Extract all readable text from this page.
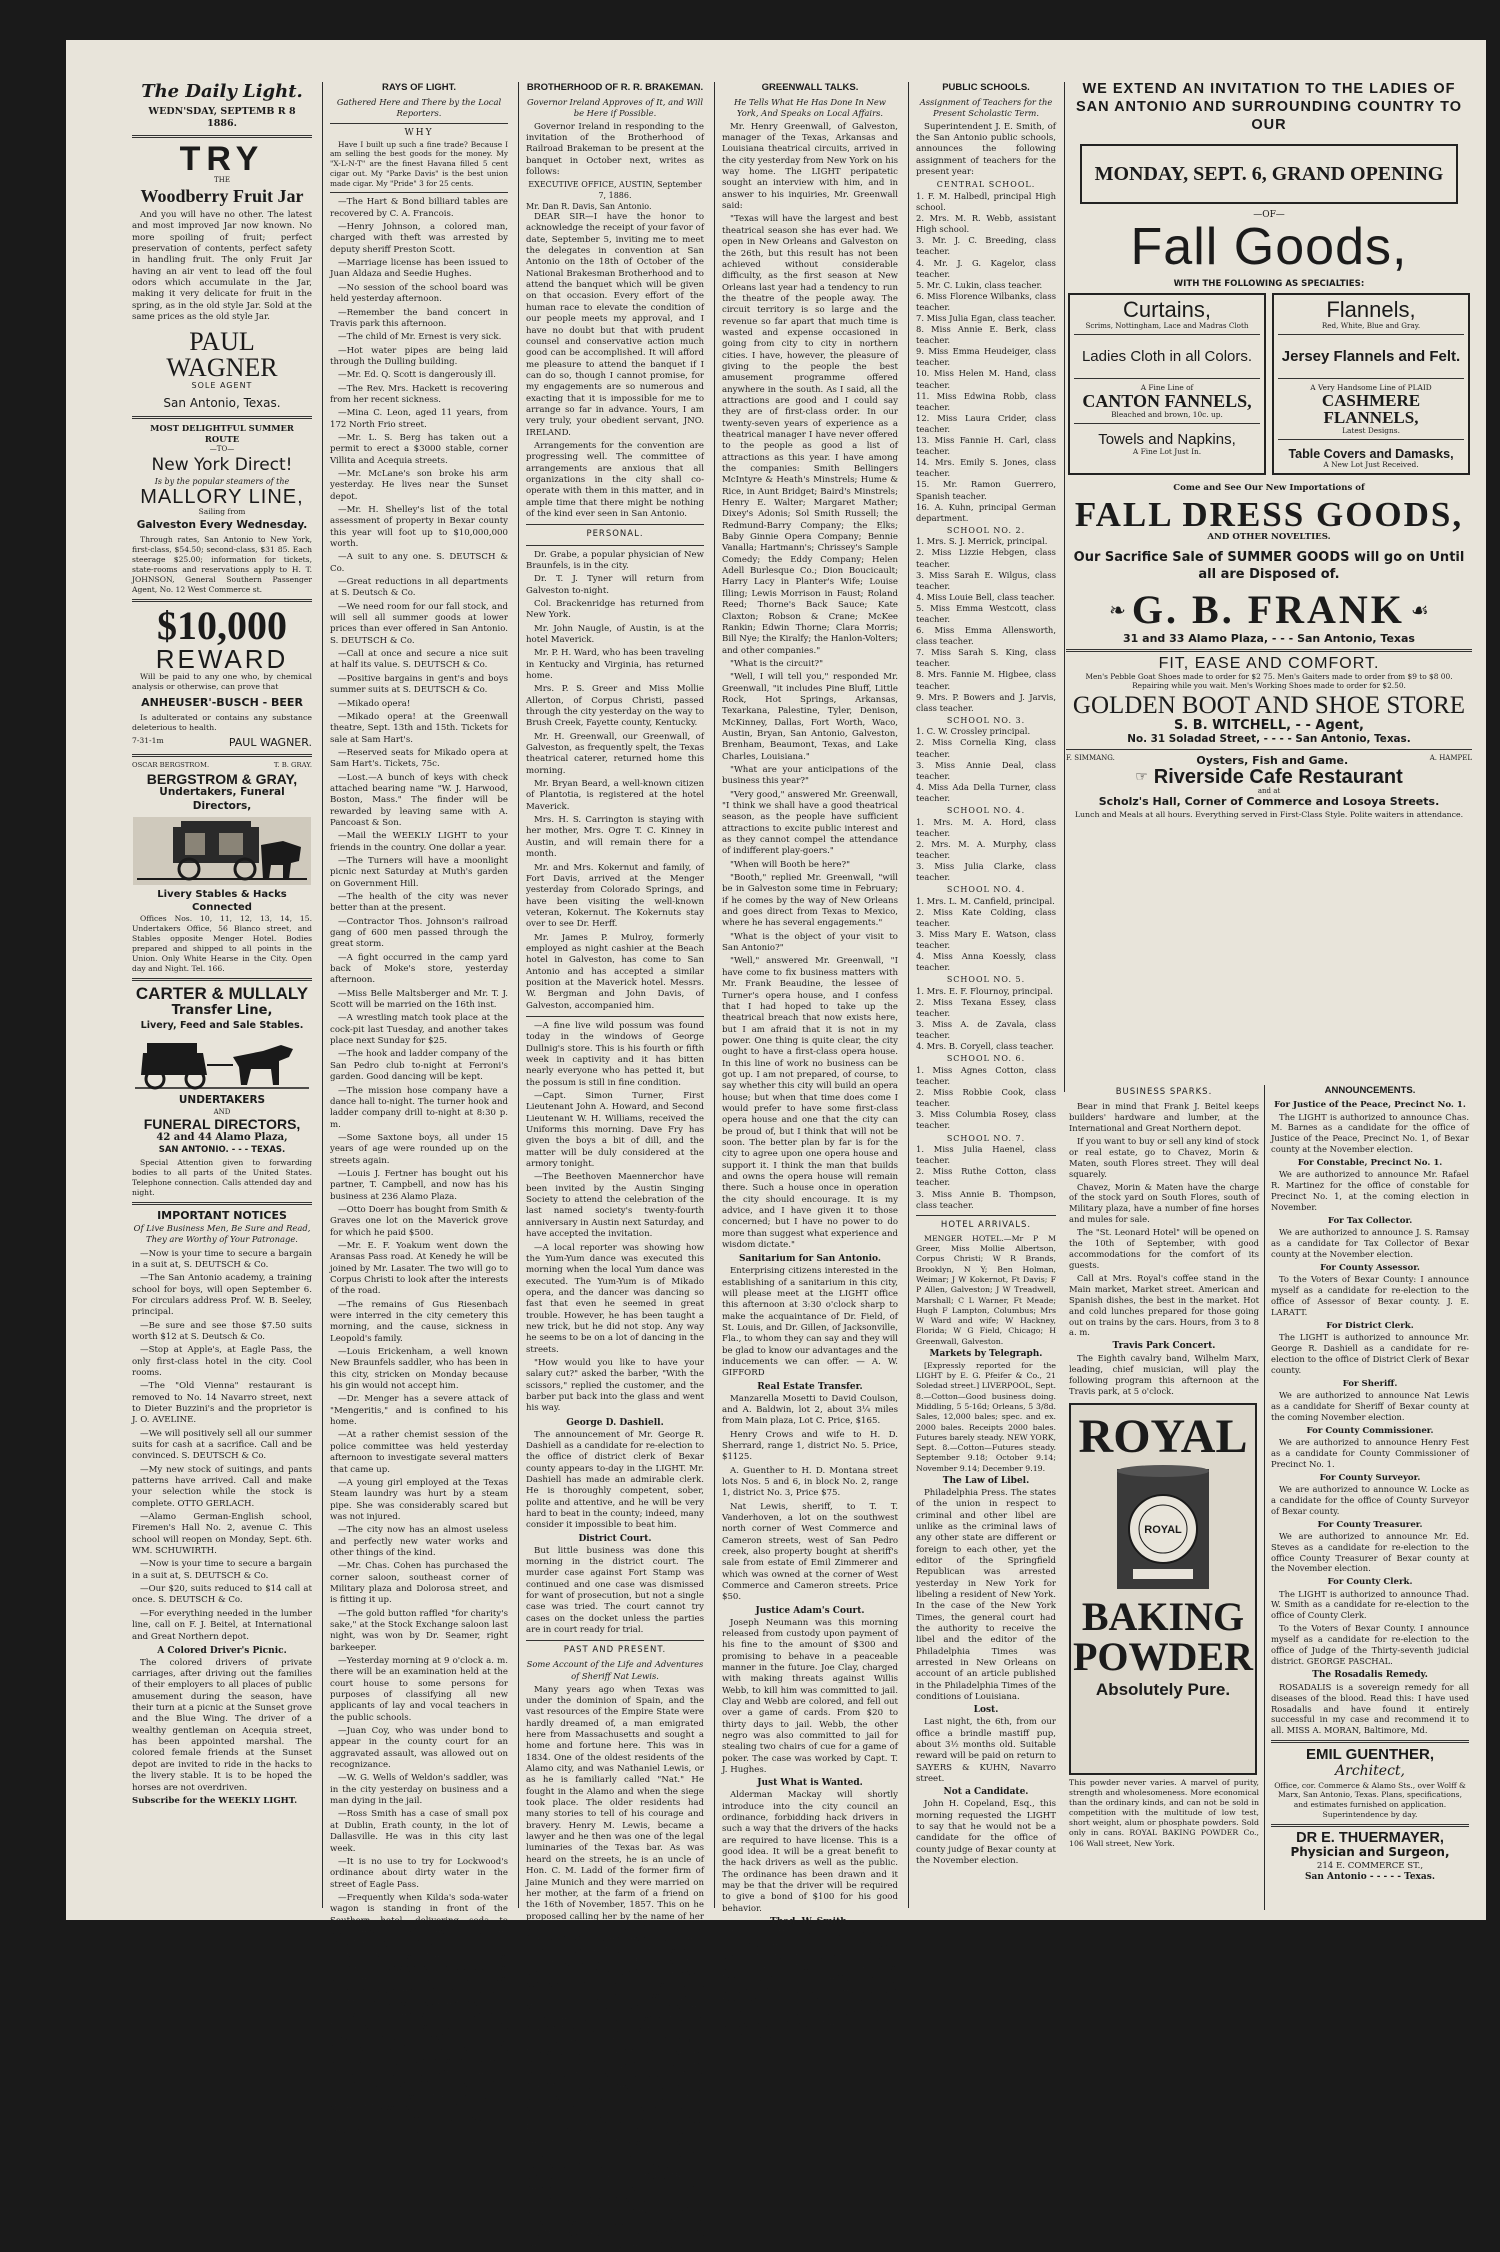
The Daily Light.
WEDN'SDAY, SEPTEMB R 8 1886.
TRY
THE
Woodberry Fruit Jar

And you will have no other. The latest and most improved Jar now known. No more spoiling of fruit; perfect preservation of contents, perfect safety in handling fruit. The only Fruit Jar having an air vent to lead off the foul odors which accumulate in the Jar, making it very delicate for fruit in the spring, as in the old style Jar. Sold at the same prices as the old style Jar.

PAUL WAGNER
SOLE AGENT
San Antonio, Texas.
MOST DELIGHTFUL SUMMER ROUTE
—TO—
New York Direct!
Is by the popular steamers of the
MALLORY LINE,
Sailing from
Galveston Every Wednesday.

Through rates, San Antonio to New York, first-class, $54.50; second-class, $31 85. Each steerage $25.00; information for tickets, state-rooms and reservations apply to H. T. JOHNSON, General Southern Passenger Agent, No. 12 West Commerce st.

$10,000
REWARD

Will be paid to any one who, by chemical analysis or otherwise, can prove that

ANHEUSER'-BUSCH - BEER

Is adulterated or contains any substance deleterious to health.

7-31-1m	PAUL WAGNER.
OSCAR BERGSTROM.	T. B. GRAY.
BERGSTROM & GRAY,
Undertakers, Funeral Directors,
Livery Stables & Hacks Connected

Offices Nos. 10, 11, 12, 13, 14, 15. Undertakers Office, 56 Blanco street, and Stables opposite Menger Hotel. Bodies prepared and shipped to all points in the Union. Only White Hearse in the City. Open day and Night. Tel. 166.

CARTER & MULLALY
Transfer Line,
Livery, Feed and Sale Stables.
UNDERTAKERS
AND
FUNERAL DIRECTORS,
42 and 44 Alamo Plaza,
SAN ANTONIO. - - - TEXAS.

Special Attention given to forwarding bodies to all parts of the United States. Telephone connection. Calls attended day and night.

IMPORTANT NOTICES
Of Live Business Men, Be Sure and Read, They are Worthy of Your Patronage.

—Now is your time to secure a bargain in a suit at, S. DEUTSCH & Co.

—The San Antonio academy, a training school for boys, will open September 6. For circulars address Prof. W. B. Seeley, principal.

—Be sure and see those $7.50 suits worth $12 at S. Deutsch & Co.

—Stop at Apple's, at Eagle Pass, the only first-class hotel in the city. Cool rooms.

—The "Old Vienna" restaurant is removed to No. 14 Navarro street, next to Dieter Buzzini's and the proprietor is J. O. AVELINE.

—We will positively sell all our summer suits for cash at a sacrifice. Call and be convinced. S. DEUTSCH & Co.

—My new stock of suitings, and pants patterns have arrived. Call and make your selection while the stock is complete. OTTO GERLACH.

—Alamo German-English school, Firemen's Hall No. 2, avenue C. This school will reopen on Monday, Sept. 6th. WM. SCHUWIRTH.

—Now is your time to secure a bargain in a suit at, S. DEUTSCH & Co.

—Our $20, suits reduced to $14 call at once. S. DEUTSCH & Co.

—For everything needed in the lumber line, call on F. J. Beitel, at International and Great Northern depot.

A Colored Driver's Picnic.

The colored drivers of private carriages, after driving out the families of their employers to all places of public amusement during the season, have their turn at a picnic at the Sunset grove and the Blue Wing. The driver of a wealthy gentleman on Acequia street, has been appointed marshal. The colored female friends at the Sunset depot are invited to ride in the hacks to the livery stable. It is to be hoped the horses are not overdriven.

Subscribe for the WEEKLY LIGHT.
RAYS OF LIGHT.
Gathered Here and There by the Local Reporters.
WHY

Have I built up such a fine trade? Because I am selling the best goods for the money. My "X-L-N-T" are the finest Havana filled 5 cent cigar out. My "Parke Davis" is the best union made cigar. My "Pride" 3 for 25 cents.

—The Hart & Bond billiard tables are recovered by C. A. Francois.

—Henry Johnson, a colored man, charged with theft was arrested by deputy sheriff Preston Scott.

—Marriage license has been issued to Juan Aldaza and Seedie Hughes.

—No session of the school board was held yesterday afternoon.

—Remember the band concert in Travis park this afternoon.

—The child of Mr. Ernest is very sick.

—Hot water pipes are being laid through the Dulling building.

—Mr. Ed. Q. Scott is dangerously ill.

—The Rev. Mrs. Hackett is recovering from her recent sickness.

—Mina C. Leon, aged 11 years, from 172 North Frio street.

—Mr. L. S. Berg has taken out a permit to erect a $3000 stable, corner Villita and Acequia streets.

—Mr. McLane's son broke his arm yesterday. He lives near the Sunset depot.

—Mr. H. Shelley's list of the total assessment of property in Bexar county this year will foot up to $10,000,000 worth.

—A suit to any one. S. DEUTSCH & Co.

—Great reductions in all departments at S. Deutsch & Co.

—We need room for our fall stock, and will sell all summer goods at lower prices than ever offered in San Antonio. S. DEUTSCH & Co.

—Call at once and secure a nice suit at half its value. S. DEUTSCH & Co.

—Positive bargains in gent's and boys summer suits at S. DEUTSCH & Co.

—Mikado opera!

—Mikado opera! at the Greenwall theatre, Sept. 13th and 15th. Tickets for sale at Sam Hart's.

—Reserved seats for Mikado opera at Sam Hart's. Tickets, 75c.

—Lost.—A bunch of keys with check attached bearing name "W. J. Harwood, Boston, Mass." The finder will be rewarded by leaving same with A. Pancoast & Son.

—Mail the WEEKLY LIGHT to your friends in the country. One dollar a year.

—The Turners will have a moonlight picnic next Saturday at Muth's garden on Government Hill.

—The health of the city was never better than at the present.

—Contractor Thos. Johnson's railroad gang of 600 men passed through the great storm.

—A fight occurred in the camp yard back of Moke's store, yesterday afternoon.

—Miss Belle Maltsberger and Mr. T. J. Scott will be married on the 16th inst.

—A wrestling match took place at the cock-pit last Tuesday, and another takes place next Sunday for $25.

—The hook and ladder company of the San Pedro club to-night at Ferroni's garden. Good dancing will be kept.

—The mission hose company have a dance hall to-night. The turner hook and ladder company drill to-night at 8:30 p. m.

—Some Saxtone boys, all under 15 years of age were rounded up on the streets again.

—Louis J. Fertner has bought out his partner, T. Campbell, and now has his business at 236 Alamo Plaza.

—Otto Doerr has bought from Smith & Graves one lot on the Maverick grove for which he paid $500.

—Mr. E. F. Yoakum went down the Aransas Pass road. At Kenedy he will be joined by Mr. Lasater. The two will go to Corpus Christi to look after the interests of the road.

—The remains of Gus Riesenbach were interred in the city cemetery this morning, and the cause, sickness in Leopold's family.

—Louis Erickenham, a well known New Braunfels saddler, who has been in this city, stricken on Monday because his gin would not accept him.

—Dr. Menger has a severe attack of "Mengeritis," and is confined to his home.

—At a rather chemist session of the police committee was held yesterday afternoon to investigate several matters that came up.

—A young girl employed at the Texas Steam laundry was hurt by a steam pipe. She was considerably scared but was not injured.

—The city now has an almost useless and perfectly new water works and other things of the kind.

—Mr. Chas. Cohen has purchased the corner saloon, southeast corner of Military plaza and Dolorosa street, and is fitting it up.

—The gold button raffled "for charity's sake," at the Stock Exchange saloon last night, was won by Dr. Seamer, right barkeeper.

—Yesterday morning at 9 o'clock a. m. there will be an examination held at the court house to some persons for purposes of classifying all new applicants of lay and vocal teachers in the public schools.

—Juan Coy, who was under bond to appear in the county court for an aggravated assault, was allowed out on recognizance.

—W. G. Wells of Weldon's saddler, was in the city yesterday on business and a man dying in the jail.

—Ross Smith has a case of small pox at Dublin, Erath county, in the lot of Dallasville. He was in this city last week.

—It is no use to try for Lockwood's ordinance about dirty water in the street of Eagle Pass.

—Frequently when Kilda's soda-water wagon is standing in front of the Southern hotel, delivering soda to customers, boys will steal soda bottles from the wagon, and sell them.

—Willis Webb and Joe Clay, negroes, quarreled over a girl and came to blows, on West Commerce street, near Zimmerer's corner. Both were arrested.

—Mrs. Stiekbraut has erected a dance hall adjoining her saloon, on corner of Hough and St. Louis streets, and will give a free entertainment every Saturday evening next, and will continue weekly. All friends are invited.

—Captain Joe Shely within the past month has sold 300 horses in San Antonio to dealers in the northeastern states of Texas. San Antonio is becoming quite a horse market. The horses had been "make a note of it."

BROTHERHOOD OF R. R. BRAKEMAN.
Governor Ireland Approves of It, and Will be Here if Possible.

Governor Ireland in responding to the invitation of the Brotherhood of Railroad Brakeman to be present at the banquet in October next, writes as follows:

EXECUTIVE OFFICE, AUSTIN, September 7, 1886.
Mr. Dan R. Davis, San Antonio.

DEAR SIR—I have the honor to acknowledge the receipt of your favor of date, September 5, inviting me to meet the delegates in convention at San Antonio on the 18th of October of the National Brakesman Brotherhood and to attend the banquet which will be given on that occasion. Every effort of the human race to elevate the condition of our people meets my approval, and I have no doubt but that with prudent counsel and conservative action much good can be accomplished. It will afford me pleasure to attend the banquet if I can do so, though I cannot promise, for my engagements are so numerous and exacting that it is impossible for me to arrange so far in advance. Yours, I am very truly, your obedient servant, JNO. IRELAND.

Arrangements for the convention are progressing well. The committee of arrangements are anxious that all organizations in the city shall co-operate with them in this matter, and in ample time that there might be nothing of the kind ever seen in San Antonio.

PERSONAL.

Dr. Grabe, a popular physician of New Braunfels, is in the city.

Dr. T. J. Tyner will return from Galveston to-night.

Col. Brackenridge has returned from New York.

Mr. John Naugle, of Austin, is at the hotel Maverick.

Mr. P. H. Ward, who has been traveling in Kentucky and Virginia, has returned home.

Mrs. P. S. Greer and Miss Mollie Allerton, of Corpus Christi, passed through the city yesterday on the way to Brush Creek, Fayette county, Kentucky.

Mr. H. Greenwall, our Greenwall, of Galveston, as frequently spelt, the Texas theatrical caterer, returned home this morning.

Mr. Bryan Beard, a well-known citizen of Plantotia, is registered at the hotel Maverick.

Mrs. H. S. Carrington is staying with her mother, Mrs. Ogre T. C. Kinney in Austin, and will remain there for a month.

Mr. and Mrs. Kokernut and family, of Fort Davis, arrived at the Menger yesterday from Colorado Springs, and have been visiting the well-known veteran, Kokernut. The Kokernuts stay over to see Dr. Herff.

Mr. James P. Mulroy, formerly employed as night cashier at the Beach hotel in Galveston, has come to San Antonio and has accepted a similar position at the Maverick hotel. Messrs. W. Bergman and John Davis, of Galveston, accompanied him.

—A fine live wild possum was found today in the windows of George Dullnig's store. This is his fourth or fifth week in captivity and it has bitten nearly everyone who has petted it, but the possum is still in fine condition.

—Capt. Simon Turner, First Lieutenant John A. Howard, and Second Lieutenant W. H. Williams, received the Uniforms this morning. Dave Fry has given the boys a bit of dill, and the matter will be duly considered at the armory tonight.

—The Beethoven Maennerchor have been invited by the Austin Singing Society to attend the celebration of the last named society's twenty-fourth anniversary in Austin next Saturday, and have accepted the invitation.

—A local reporter was showing how the Yum-Yum dance was executed this morning when the local Yum dance was executed. The Yum-Yum is of Mikado opera, and the dancer was dancing so fast that even he seemed in great trouble. However, he has been taught a new trick, but he did not stop. Any way he seems to be on a lot of dancing in the streets.

"How would you like to have your salary cut?" asked the barber, "With the scissors," replied the customer, and the barber put back into the glass and went his way.

George D. Dashiell.

The announcement of Mr. George R. Dashiell as a candidate for re-election to the office of district clerk of Bexar county appears to-day in the LIGHT. Mr. Dashiell has made an admirable clerk. He is thoroughly competent, sober, polite and attentive, and he will be very hard to beat in the county; indeed, many consider it impossible to beat him.

District Court.

But little business was done this morning in the district court. The murder case against Fort Stamp was continued and one case was dismissed for want of prosecution, but not a single case was tried. The court cannot try cases on the docket unless the parties are in court ready for trial.

PAST AND PRESENT.
Some Account of the Life and Adventures of Sheriff Nat Lewis.

Many years ago when Texas was under the dominion of Spain, and the vast resources of the Empire State were hardly dreamed of, a man emigrated here from Massachusetts and sought a home and fortune here. This was in 1834. One of the oldest residents of the Alamo city, and was Nathaniel Lewis, or as he is familiarly called "Nat." He fought in the Alamo and when the siege took place. The older residents had many stories to tell of his courage and bravery. Henry M. Lewis, became a lawyer and he then was one of the legal luminaries of the Texas bar. As was heard on the streets, he is an uncle of Hon. C. M. Ladd of the former firm of Jaine Munich and they were married on her mother, at the farm of a friend on the 16th of November, 1857. This on he proposed calling her by the name of her old friend by the name of his last name. She said she never heard her use a name in her life. Young Nat's history is apparently uneventful. Briefly all that can be said of his career is that he was a scholar at the German-English school for a number of years and was a capable student until about 1861. For a few years he was a deputy sheriff under Sheriff McCall. When Captain Stevens was elected sheriff he deputized Nat Lewis as deputy sheriff and he served the county in that capacity and enjoyed the reputation as an efficient officer. Sheriff Steven's death the county commissioners' court appointed Nat as sheriff, the last of some twenty prominent applicants for the office. During his connection with the sheriff's department, Mr. Lewis has shown himself to be an able officer. As his reputation, he has shown himself to be a careful and competent officer. He has demonstrated too that during his incumbency there has been but little complaint from any source. Nat Lewis is a native San Antonio boy, a favorite with all. His past record shows that he will be a faithful and competent officer.

GREENWALL TALKS.
He Tells What He Has Done In New York, And Speaks on Local Affairs.

Mr. Henry Greenwall, of Galveston, manager of the Texas, Arkansas and Louisiana theatrical circuits, arrived in the city yesterday from New York on his way home. The LIGHT peripatetic sought an interview with him, and in answer to his inquiries, Mr. Greenwall said:

"Texas will have the largest and best theatrical season she has ever had. We open in New Orleans and Galveston on the 26th, but this result has not been achieved without considerable difficulty, as the first season at New Orleans last year had a tendency to run the theatre of the people away. The circuit territory is so large and the revenue so far apart that much time is wasted and expense occasioned in going from city to city in northern cities. I have, however, the pleasure of giving to the people the best amusement programme offered anywhere in the south. As I said, all the attractions are good and I could say they are of first-class order. In our twenty-seven years of experience as a theatrical manager I have never offered to the people as good a list of attractions as this year. I have among the companies: Smith Bellingers McIntyre & Heath's Minstrels; Hume & Rice, in Aunt Bridget; Baird's Minstrels; Henry E. Walter; Margaret Mather; Dixey's Adonis; Sol Smith Russell; the Redmund-Barry Company; the Elks; Baby Ginnie Opera Company; Bennie Vanalla; Hartmann's; Chrissey's Sample Comedy; the Eddy Company; Helen Adell Burlesque Co.; Dion Boucicault; Harry Lacy in Planter's Wife; Louise Illing; Lewis Morrison in Faust; Roland Reed; Thorne's Back Sauce; Kate Claxton; Robson & Crane; McKee Rankin; Edwin Thorne; Clara Morris; Bill Nye; the Kiralfy; the Hanlon-Volters; and other companies."

"What is the circuit?"

"Well, I will tell you," responded Mr. Greenwall, "it includes Pine Bluff, Little Rock, Hot Springs, Arkansas, Texarkana, Palestine, Tyler, Denison, McKinney, Dallas, Fort Worth, Waco, Austin, Bryan, San Antonio, Galveston, Brenham, Beaumont, Texas, and Lake Charles, Louisiana."

"What are your anticipations of the business this year?"

"Very good," answered Mr. Greenwall, "I think we shall have a good theatrical season, as the people have sufficient attractions to excite public interest and as they cannot compel the attendance of indifferent play-goers."

"When will Booth be here?"

"Booth," replied Mr. Greenwall, "will be in Galveston some time in February; if he comes by the way of New Orleans and goes direct from Texas to Mexico, where he has several engagements."

"What is the object of your visit to San Antonio?"

"Well," answered Mr. Greenwall, "I have come to fix business matters with Mr. Frank Beaudine, the lessee of Turner's opera house, and I confess that I had hoped to take up the theatrical breach that now exists here, but I am afraid that it is not in my power. One thing is quite clear, the city ought to have a first-class opera house. In this line of work no business can be got up. I am not prepared, of course, to say whether this city will build an opera house; but when that time does come I would prefer to have some first-class opera house and one that the city can be proud of, but I think that will not be soon. The better plan by far is for the city to agree upon one opera house and support it. I think the man that builds and owns the opera house will remain there. Such a house once in operation the city should encourage. It is my advice, and I have given it to those concerned; but I have no power to do more than suggest what experience and wisdom dictate."

Sanitarium for San Antonio.

Enterprising citizens interested in the establishing of a sanitarium in this city, will please meet at the LIGHT office this afternoon at 3:30 o'clock sharp to make the acquaintance of Dr. Field, of St. Louis, and Dr. Gillen, of Jacksonville, Fla., to whom they can say and they will be glad to know our advantages and the inducements we can offer. — A. W. GIFFORD

Real Estate Transfer.

Manzarella Mosetti to David Coulson, and A. Baldwin, lot 2, about 3¼ miles from Main plaza, Lot C. Price, $165.

Henry Crows and wife to H. D. Sherrard, range 1, district No. 5. Price, $1125.

A. Guenther to H. D. Montana street lots Nos. 5 and 6, in block No. 2, range 1, district No. 3, Price $75.

Nat Lewis, sheriff, to T. T. Vanderhoven, a lot on the southwest north corner of West Commerce and Cameron streets, west of San Pedro creek, also property bought at sheriff's sale from estate of Emil Zimmerer and which was owned at the corner of West Commerce and Cameron streets. Price $50.

Justice Adam's Court.

Joseph Neumann was this morning released from custody upon payment of his fine to the amount of $300 and promising to behave in a peaceable manner in the future. Joe Clay, charged with making threats against Willis Webb, to kill him was committed to jail. Clay and Webb are colored, and fell out over a game of cards. From $20 to thirty days to jail. Webb, the other negro was also committed to jail for stealing two chairs of cue for a game of poker. The case was worked by Capt. T. J. Hughes.

Just What is Wanted.

Alderman Mackay will shortly introduce into the city council an ordinance, forbidding hack drivers in such a way that the drivers of the hacks are required to have license. This is a good idea. It will be a great benefit to the hack drivers as well as the public. The ordinance has been drawn and it may be that the driver will be required to give a bond of $100 for his good behavior.

Thad. W. Smith.

The LIGHT to-day contains the announcement of Thad. W. Smith as a candidate for the county office of county clerk of Bexar, which he holds. Mr. Smith has made an efficient county officer and he has always been popular. Mr. Smith has done his duty for the two years he has been the clerk and his official record is clear. He is a candidate for re-election.

PUBLIC SCHOOLS.
Assignment of Teachers for the Present Scholastic Term.

Superintendent J. E. Smith, of the San Antonio public schools, announces the following assignment of teachers for the present year:

CENTRAL SCHOOL.
1. F. M. Halbedl, principal High school.
2. Mrs. M. R. Webb, assistant High school.
3. Mr. J. C. Breeding, class teacher.
4. Mr. J. G. Kagelor, class teacher.
5. Mr. C. Lukin, class teacher.
6. Miss Florence Wilbanks, class teacher.
7. Miss Julia Egan, class teacher.
8. Miss Annie E. Berk, class teacher.
9. Miss Emma Heudeiger, class teacher.
10. Miss Helen M. Hand, class teacher.
11. Miss Edwina Robb, class teacher.
12. Miss Laura Crider, class teacher.
13. Miss Fannie H. Carl, class teacher.
14. Mrs. Emily S. Jones, class teacher.
15. Mr. Ramon Guerrero, Spanish teacher.
16. A. Kuhn, principal German department.
SCHOOL NO. 2.
1. Mrs. S. J. Merrick, principal.
2. Miss Lizzie Hebgen, class teacher.
3. Miss Sarah E. Wilgus, class teacher.
4. Miss Louie Bell, class teacher.
5. Miss Emma Westcott, class teacher.
6. Miss Emma Allensworth, class teacher.
7. Miss Sarah S. King, class teacher.
8. Mrs. Fannie M. Higbee, class teacher.
9. Mrs. P. Bowers and J. Jarvis, class teacher.
SCHOOL NO. 3.
1. C. W. Crossley principal.
2. Miss Cornelia King, class teacher.
3. Miss Annie Deal, class teacher.
4. Miss Ada Della Turner, class teacher.
SCHOOL NO. 4.
1. Mrs. M. A. Hord, class teacher.
2. Mrs. M. A. Murphy, class teacher.
3. Miss Julia Clarke, class teacher.
SCHOOL NO. 4.
1. Mrs. L. M. Canfield, principal.
2. Miss Kate Colding, class teacher.
3. Miss Mary E. Watson, class teacher.
4. Miss Anna Koessly, class teacher.
SCHOOL NO. 5.
1. Mrs. E. F. Flournoy, principal.
2. Miss Texana Essey, class teacher.
3. Miss A. de Zavala, class teacher.
4. Mrs. B. Coryell, class teacher.
SCHOOL NO. 6.
1. Miss Agnes Cotton, class teacher.
2. Miss Robbie Cook, class teacher.
3. Miss Columbia Rosey, class teacher.
SCHOOL NO. 7.
1. Miss Julia Haenel, class teacher.
2. Miss Ruthe Cotton, class teacher.
3. Miss Annie B. Thompson, class teacher.
HOTEL ARRIVALS.

MENGER HOTEL.—Mr P M Greer, Miss Mollie Albertson, Corpus Christi; W R Brands, Brooklyn, N Y; Ben Holman, Weimar; J W Kokernot, Ft Davis; F P Allen, Galveston; J W Treadwell, Marshall; C L Warner, Ft Meade; Hugh F Lampton, Columbus; Mrs W Ward and wife; W Hackney, Florida; W G Field, Chicago; H Greenwall, Galveston.

Markets by Telegraph.

[Expressly reported for the LIGHT by E. G. Pfeifer & Co., 21 Soledad street.] LIVERPOOL, Sept. 8.—Cotton—Good business doing. Middling, 5 5-16d; Orleans, 5 3/8d. Sales, 12,000 bales; spec. and ex. 2000 bales. Receipts 2000 bales. Futures barely steady. NEW YORK, Sept. 8.—Cotton—Futures steady. September 9.18; October 9.14; November 9.14; December 9.19.

The Law of Libel.

Philadelphia Press. The states of the union in respect to criminal and other libel are unlike as the criminal laws of any other state are different or foreign to each other, yet the editor of the Springfield Republican was arrested yesterday in New York for libeling a resident of New York. In the case of the New York Times, the general court had the authority to receive the libel and the editor of the Philadelphia Times was arrested in New Orleans on account of an article published in the Philadelphia Times of the conditions of Louisiana.

Lost.

Last night, the 6th, from our office a brindle mastiff pup, about 3½ months old. Suitable reward will be paid on return to SAYERS & KUHN, Navarro street.

Not a Candidate.

John H. Copeland, Esq., this morning requested the LIGHT to say that he would not be a candidate for the office of county judge of Bexar county at the November election.

WE EXTEND AN INVITATION TO THE LADIES OF SAN ANTONIO AND SURROUNDING COUNTRY TO OUR
MONDAY, SEPT. 6, GRAND OPENING
—OF—
Fall Goods,
WITH THE FOLLOWING AS SPECIALTIES:
Curtains,
Scrims, Nottingham, Lace and Madras Cloth
Ladies Cloth in all Colors.
A Fine Line of
CANTON FANNELS,
Bleached and brown, 10c. up.
Towels and Napkins,
A Fine Lot Just In.
Flannels,
Red, White, Blue and Gray.
Jersey Flannels and Felt.
A Very Handsome Line of PLAID
CASHMERE FLANNELS,
Latest Designs.
Table Covers and Damasks,
A New Lot Just Received.
Come and See Our New Importations of
FALL DRESS GOODS,
AND OTHER NOVELTIES.
Our Sacrifice Sale of SUMMER GOODS will go on Until all are Disposed of.
❧ G. B. FRANK ☙
31 and 33 Alamo Plaza, - - - San Antonio, Texas
FIT, EASE AND COMFORT.

Men's Pebble Goat Shoes made to order for $2 75. Men's Gaiters made to order from $9 to $8 00. Repairing while you wait. Men's Working Shoes made to order for $2.50.

GOLDEN BOOT AND SHOE STORE
S. B. WITCHELL, - - Agent,
No. 31 Soladad Street, - - - - San Antonio, Texas.
F. SIMMANG.	Oysters, Fish and Game.	A. HAMPEL
☞ Riverside Cafe Restaurant
and at
Scholz's Hall, Corner of Commerce and Losoya Streets.
Lunch and Meals at all hours. Everything served in First-Class Style. Polite waiters in attendance.
BUSINESS SPARKS.

Bear in mind that Frank J. Beitel keeps builders' hardware and lumber, at the International and Great Northern depot.

If you want to buy or sell any kind of stock or real estate, go to Chavez, Morin & Maten, south Flores street. They will deal squarely.

Chavez, Morin & Maten have the charge of the stock yard on South Flores, south of Military plaza, have a number of fine horses and mules for sale.

The "St. Leonard Hotel" will be opened on the 10th of September, with good accommodations for the comfort of its guests.

Call at Mrs. Royal's coffee stand in the Main market, Market street. American and Spanish dishes, the best in the market. Hot and cold lunches prepared for those going out on trains by the cars. Hours, from 3 to 8 a. m.

Travis Park Concert.

The Eighth cavalry band, Wilhelm Marx, leading, chief musician, will play the following program this afternoon at the Travis park, at 5 o'clock.

ROYAL
ROYAL
BAKING
POWDER
Absolutely Pure.

This powder never varies. A marvel of purity, strength and wholesomeness. More economical than the ordinary kinds, and can not be sold in competition with the multitude of low test, short weight, alum or phosphate powders. Sold only in cans. ROYAL BAKING POWDER Co., 106 Wall street, New York.

ANNOUNCEMENTS.
For Justice of the Peace, Precinct No. 1.

The LIGHT is authorized to announce Chas. M. Barnes as a candidate for the office of Justice of the Peace, Precinct No. 1, of Bexar county at the November election.

For Constable, Precinct No. 1.

We are authorized to announce Mr. Rafael R. Martinez for the office of constable for Precinct No. 1, at the coming election in November.

For Tax Collector.

We are authorized to announce J. S. Ramsay as a candidate for Tax Collector of Bexar county at the November election.

For County Assessor.

To the Voters of Bexar County: I announce myself as a candidate for re-election to the office of Assessor of Bexar county. J. E. LARATT.

For District Clerk.

The LIGHT is authorized to announce Mr. George R. Dashiell as a candidate for re-election to the office of District Clerk of Bexar county.

For Sheriff.

We are authorized to announce Nat Lewis as a candidate for Sheriff of Bexar county at the coming November election.

For County Commissioner.

We are authorized to announce Henry Fest as a candidate for County Commissioner of Precinct No. 1.

For County Surveyor.

We are authorized to announce W. Locke as a candidate for the office of County Surveyor of Bexar county.

For County Treasurer.

We are authorized to announce Mr. Ed. Steves as a candidate for re-election to the office County Treasurer of Bexar county at the November election.

For County Clerk.

The LIGHT is authorized to announce Thad. W. Smith as a candidate for re-election to the office of County Clerk.

To the Voters of Bexar County. I announce myself as a candidate for re-election to the office of Judge of the Thirty-seventh judicial district. GEORGE PASCHAL.

The Rosadalis Remedy.

ROSADALIS is a sovereign remedy for all diseases of the blood. Read this: I have used Rosadalis and have found it entirely successful in my case and recommend it to all. MISS A. MORAN, Baltimore, Md.

EMIL GUENTHER,
Architect,

Office, cor. Commerce & Alamo Sts., over Wolff & Marx, San Antonio, Texas. Plans, specifications, and estimates furnished on application. Superintendence by day.

DR E. THUERMAYER,
Physician and Surgeon,
214 E. COMMERCE ST.,
San Antonio - - - - - Texas.
